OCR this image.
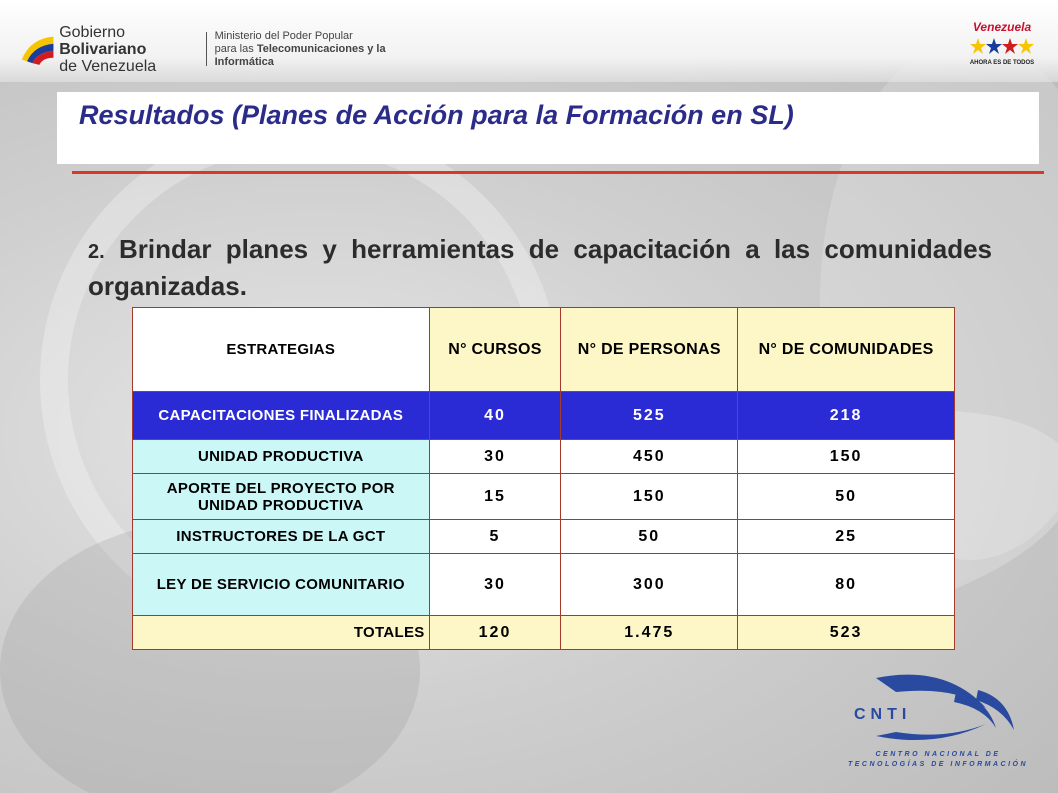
Gobierno Bolivariano
de Venezuela
Ministerio del Poder Popular
para las Telecomunicaciones y la Informática
Venezuela
AHORA ES DE TODOS
Resultados (Planes de Acción para la Formación en SL)
2. Brindar planes y herramientas de capacitación a las comunidades organizadas.
ESTRATEGIAS	N° CURSOS	N° DE PERSONAS	N° DE COMUNIDADES
CAPACITACIONES FINALIZADAS	40	525	218
UNIDAD PRODUCTIVA	30	450	150
APORTE DEL PROYECTO POR UNIDAD PRODUCTIVA	15	150	50
INSTRUCTORES DE LA GCT	5	50	25
LEY DE SERVICIO COMUNITARIO	30	300	80
TOTALES	120	1.475	523
CNTI
CENTRO NACIONAL DE
TECNOLOGÍAS DE INFORMACIÓN
